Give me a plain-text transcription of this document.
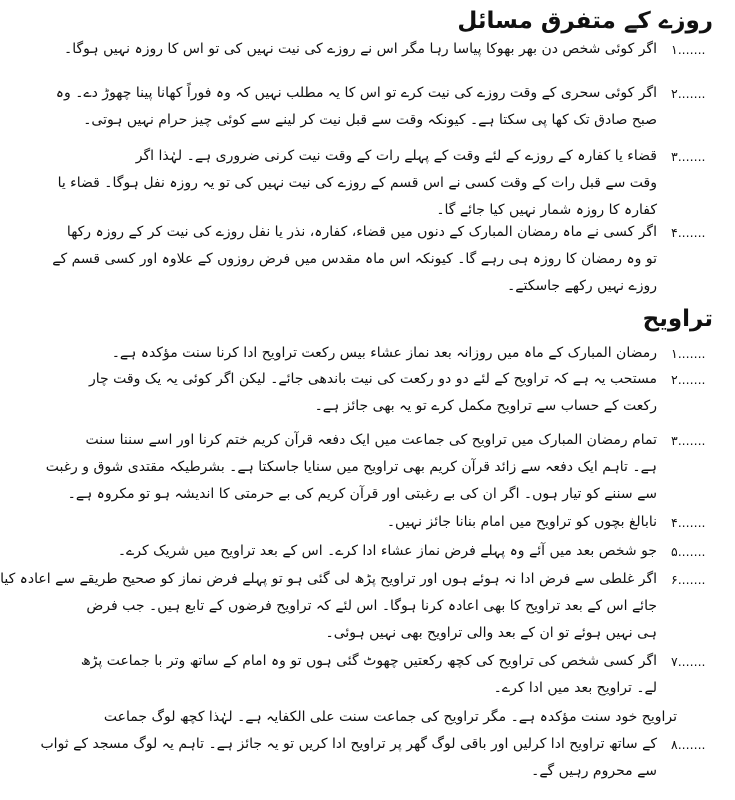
روزے کے متفرق مسائل
۱.......
اگر کوئی شخص دن بھر بھوکا پیاسا رہا مگر اس نے روزے کی نیت نہیں کی تو اس کا روزہ نہیں ہوگا۔
۲.......
اگر کوئی سحری کے وقت روزے کی نیت کرے تو اس کا یہ مطلب نہیں کہ وہ فوراً کھانا پینا چھوڑ دے۔ وہ
صبح صادق تک کھا پی سکتا ہے۔ کیونکہ وقت سے قبل نیت کر لینے سے کوئی چیز حرام نہیں ہوتی۔
۳.......
قضاء یا کفارہ کے روزے کے لئے وقت کے پہلے رات کے وقت نیت کرنی ضروری ہے۔ لہٰذا اگر
وقت سے قبل رات کے وقت کسی نے اس قسم کے روزے کی نیت نہیں کی تو یہ روزہ نفل ہوگا۔ قضاء یا
کفارہ کا روزہ شمار نہیں کیا جائے گا۔
۴.......
اگر کسی نے ماہ رمضان المبارک کے دنوں میں قضاء، کفارہ، نذر یا نفل روزے کی نیت کر کے روزہ رکھا
تو وہ رمضان کا روزہ ہی رہے گا۔ کیونکہ اس ماہ مقدس میں فرض روزوں کے علاوہ اور کسی قسم کے
روزے نہیں رکھے جاسکتے۔
تراویح
۱.......
رمضان المبارک کے ماہ میں روزانہ بعد نماز عشاء بیس رکعت تراویح ادا کرنا سنت مؤکدہ ہے۔
۲.......
مستحب یہ ہے کہ تراویح کے لئے دو دو رکعت کی نیت باندھی جائے۔ لیکن اگر کوئی یہ یک وقت چار
رکعت کے حساب سے تراویح مکمل کرے تو یہ بھی جائز ہے۔
۳.......
تمام رمضان المبارک میں تراویح کی جماعت میں ایک دفعہ قرآن کریم ختم کرنا اور اسے سننا سنت
ہے۔ تاہم ایک دفعہ سے زائد قرآن کریم بھی تراویح میں سنایا جاسکتا ہے۔ بشرطیکہ مقتدی شوق و رغبت
سے سننے کو تیار ہوں۔ اگر ان کی بے رغبتی اور قرآن کریم کی بے حرمتی کا اندیشہ ہو تو مکروہ ہے۔
۴.......
نابالغ بچوں کو تراویح میں امام بنانا جائز نہیں۔
۵.......
جو شخص بعد میں آئے وہ پہلے فرض نماز عشاء ادا کرے۔ اس کے بعد تراویح میں شریک کرے۔
۶.......
اگر غلطی سے فرض ادا نہ ہوئے ہوں اور تراویح پڑھ لی گئی ہو تو پہلے فرض نماز کو صحیح طریقے سے اعادہ کیا
جائے اس کے بعد تراویح کا بھی اعادہ کرنا ہوگا۔ اس لئے کہ تراویح فرضوں کے تابع ہیں۔ جب فرض
ہی نہیں ہوئے تو ان کے بعد والی تراویح بھی نہیں ہوئی۔
۷.......
اگر کسی شخص کی تراویح کی کچھ رکعتیں چھوٹ گئی ہوں تو وہ امام کے ساتھ وتر با جماعت پڑھ
لے۔ تراویح بعد میں ادا کرے۔
تراویح خود سنت مؤکدہ ہے۔ مگر تراویح کی جماعت سنت علی الکفایہ ہے۔ لہٰذا کچھ لوگ جماعت
۸.......
کے ساتھ تراویح ادا کرلیں اور باقی لوگ گھر پر تراویح ادا کریں تو یہ جائز ہے۔ تاہم یہ لوگ مسجد کے ثواب
سے محروم رہیں گے۔
